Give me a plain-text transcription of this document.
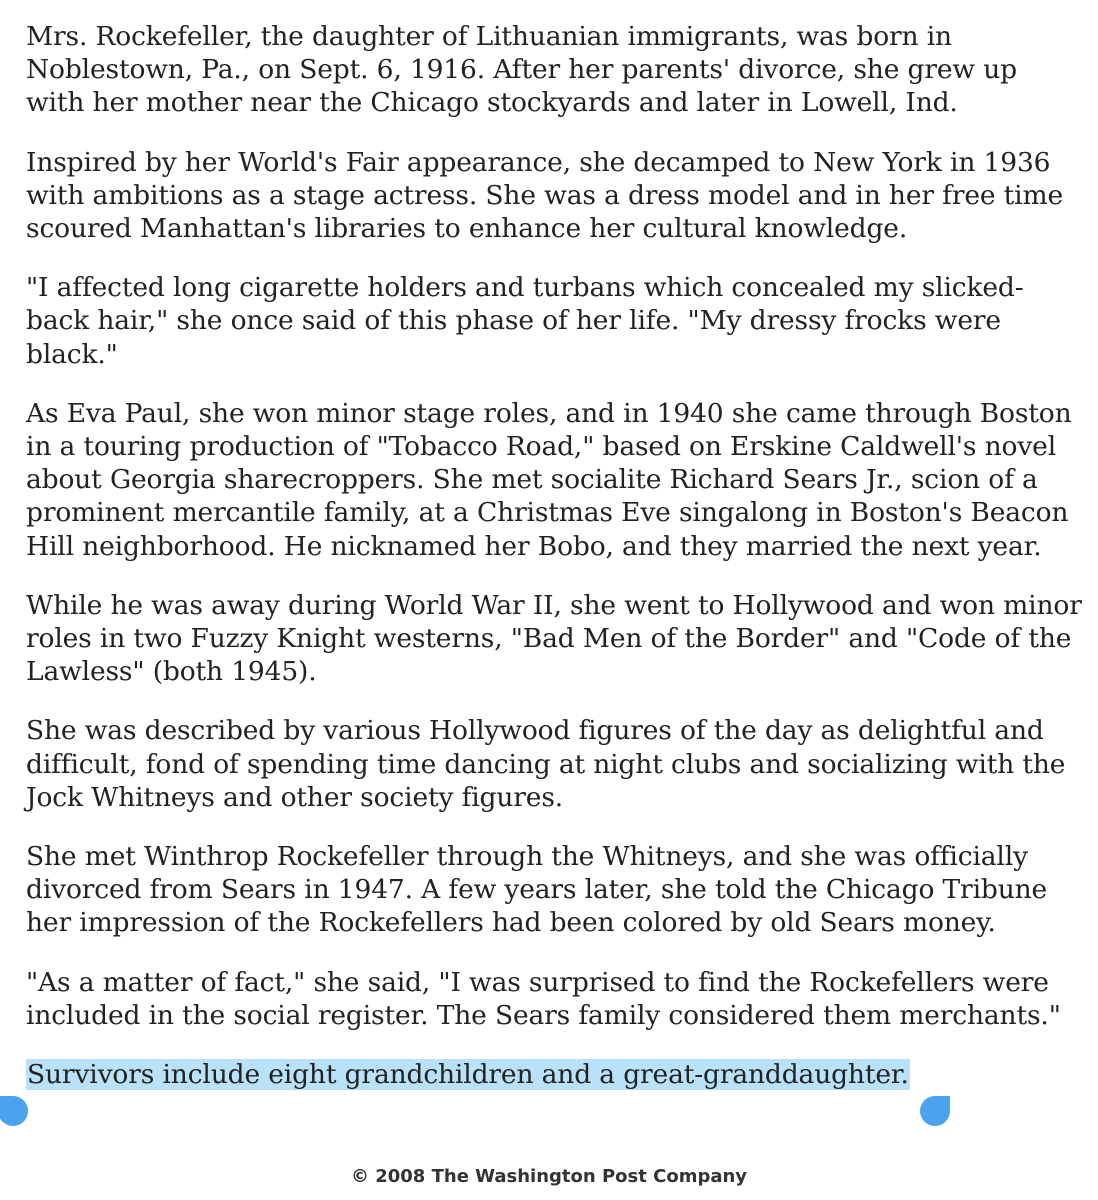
Mrs. Rockefeller, the daughter of Lithuanian immigrants, was born in Noblestown, Pa., on Sept. 6, 1916. After her parents' divorce, she grew up with her mother near the Chicago stockyards and later in Lowell, Ind.

Inspired by her World's Fair appearance, she decamped to New York in 1936 with ambitions as a stage actress. She was a dress model and in her free time scoured Manhattan's libraries to enhance her cultural knowledge.

"I affected long cigarette holders and turbans which concealed my slicked-back hair," she once said of this phase of her life. "My dressy frocks were black."

As Eva Paul, she won minor stage roles, and in 1940 she came through Boston in a touring production of "Tobacco Road," based on Erskine Caldwell's novel about Georgia sharecroppers. She met socialite Richard Sears Jr., scion of a prominent mercantile family, at a Christmas Eve singalong in Boston's Beacon Hill neighborhood. He nicknamed her Bobo, and they married the next year.

While he was away during World War II, she went to Hollywood and won minor roles in two Fuzzy Knight westerns, "Bad Men of the Border" and "Code of the Lawless" (both 1945).

She was described by various Hollywood figures of the day as delightful and difficult, fond of spending time dancing at night clubs and socializing with the Jock Whitneys and other society figures.

She met Winthrop Rockefeller through the Whitneys, and she was officially divorced from Sears in 1947. A few years later, she told the Chicago Tribune her impression of the Rockefellers had been colored by old Sears money.

"As a matter of fact," she said, "I was surprised to find the Rockefellers were included in the social register. The Sears family considered them merchants."

Survivors include eight grandchildren and a great-granddaughter.

© 2008 The Washington Post Company
